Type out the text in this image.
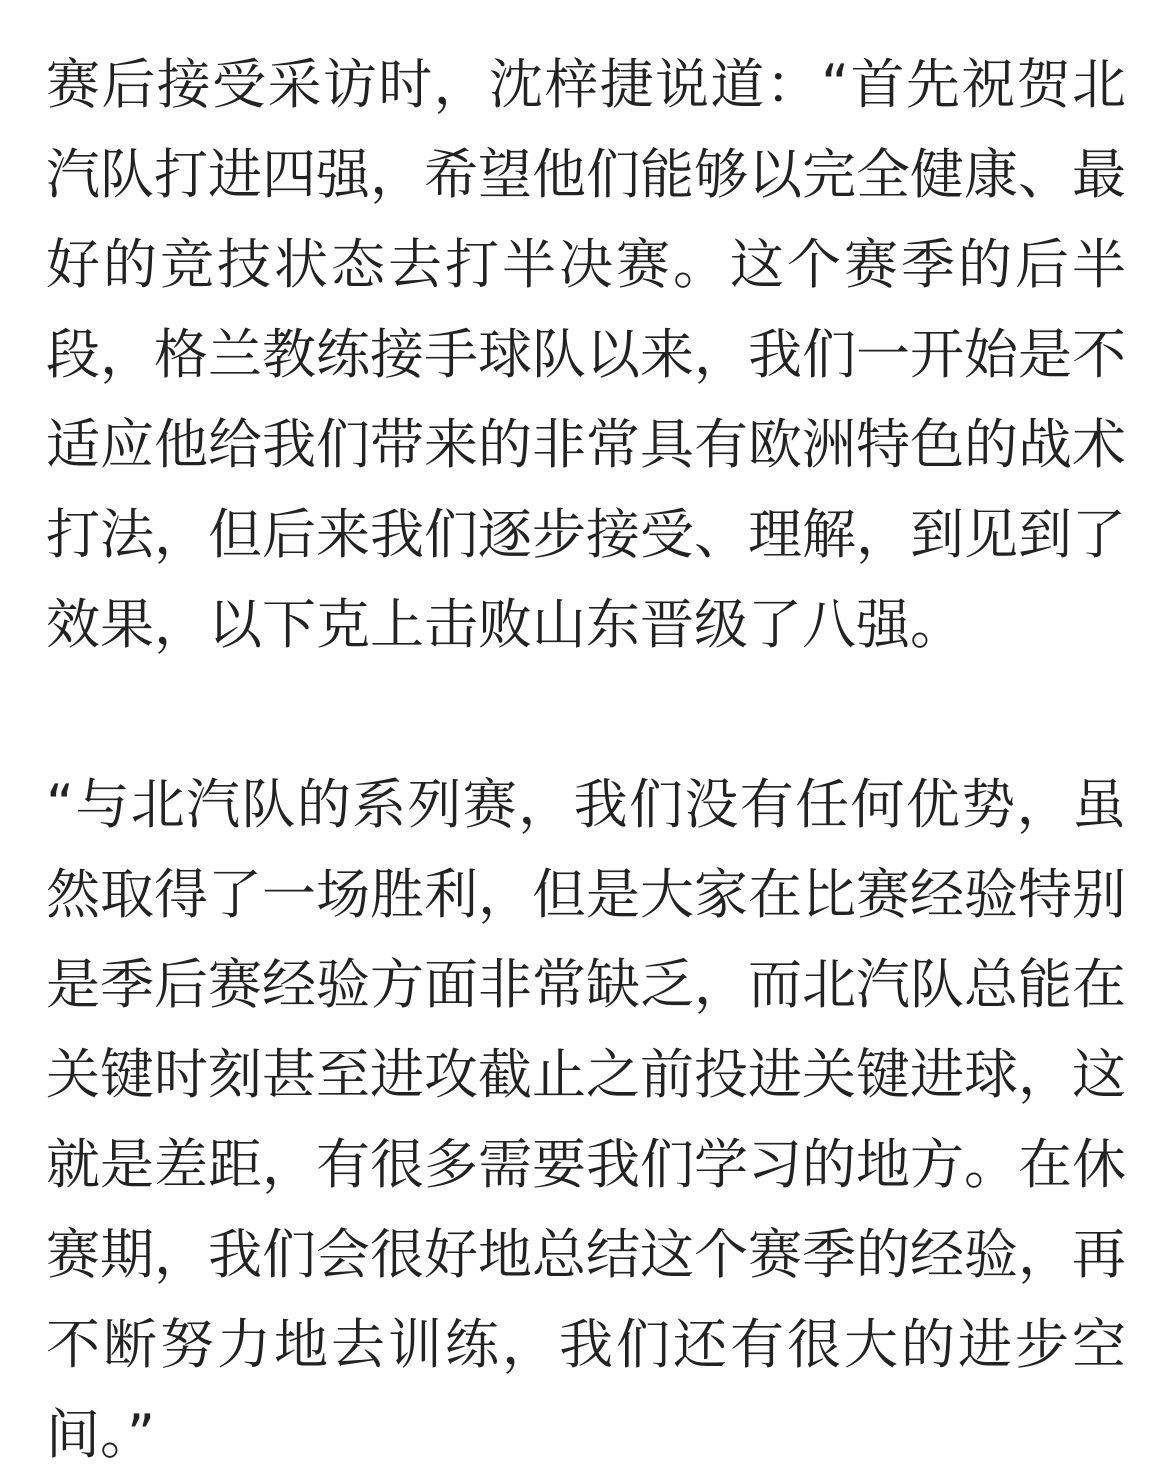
赛后接受采访时，沈梓捷说道：“首先祝贺北
汽队打进四强，希望他们能够以完全健康、最
好的竞技状态去打半决赛。这个赛季的后半
段，格兰教练接手球队以来，我们一开始是不
适应他给我们带来的非常具有欧洲特色的战术
打法，但后来我们逐步接受、理解，到见到了
效果，以下克上击败山东晋级了八强。
“与北汽队的系列赛，我们没有任何优势，虽
然取得了一场胜利，但是大家在比赛经验特别
是季后赛经验方面非常缺乏，而北汽队总能在
关键时刻甚至进攻截止之前投进关键进球，这
就是差距，有很多需要我们学习的地方。在休
赛期，我们会很好地总结这个赛季的经验，再
不断努力地去训练，我们还有很大的进步空
间。”
